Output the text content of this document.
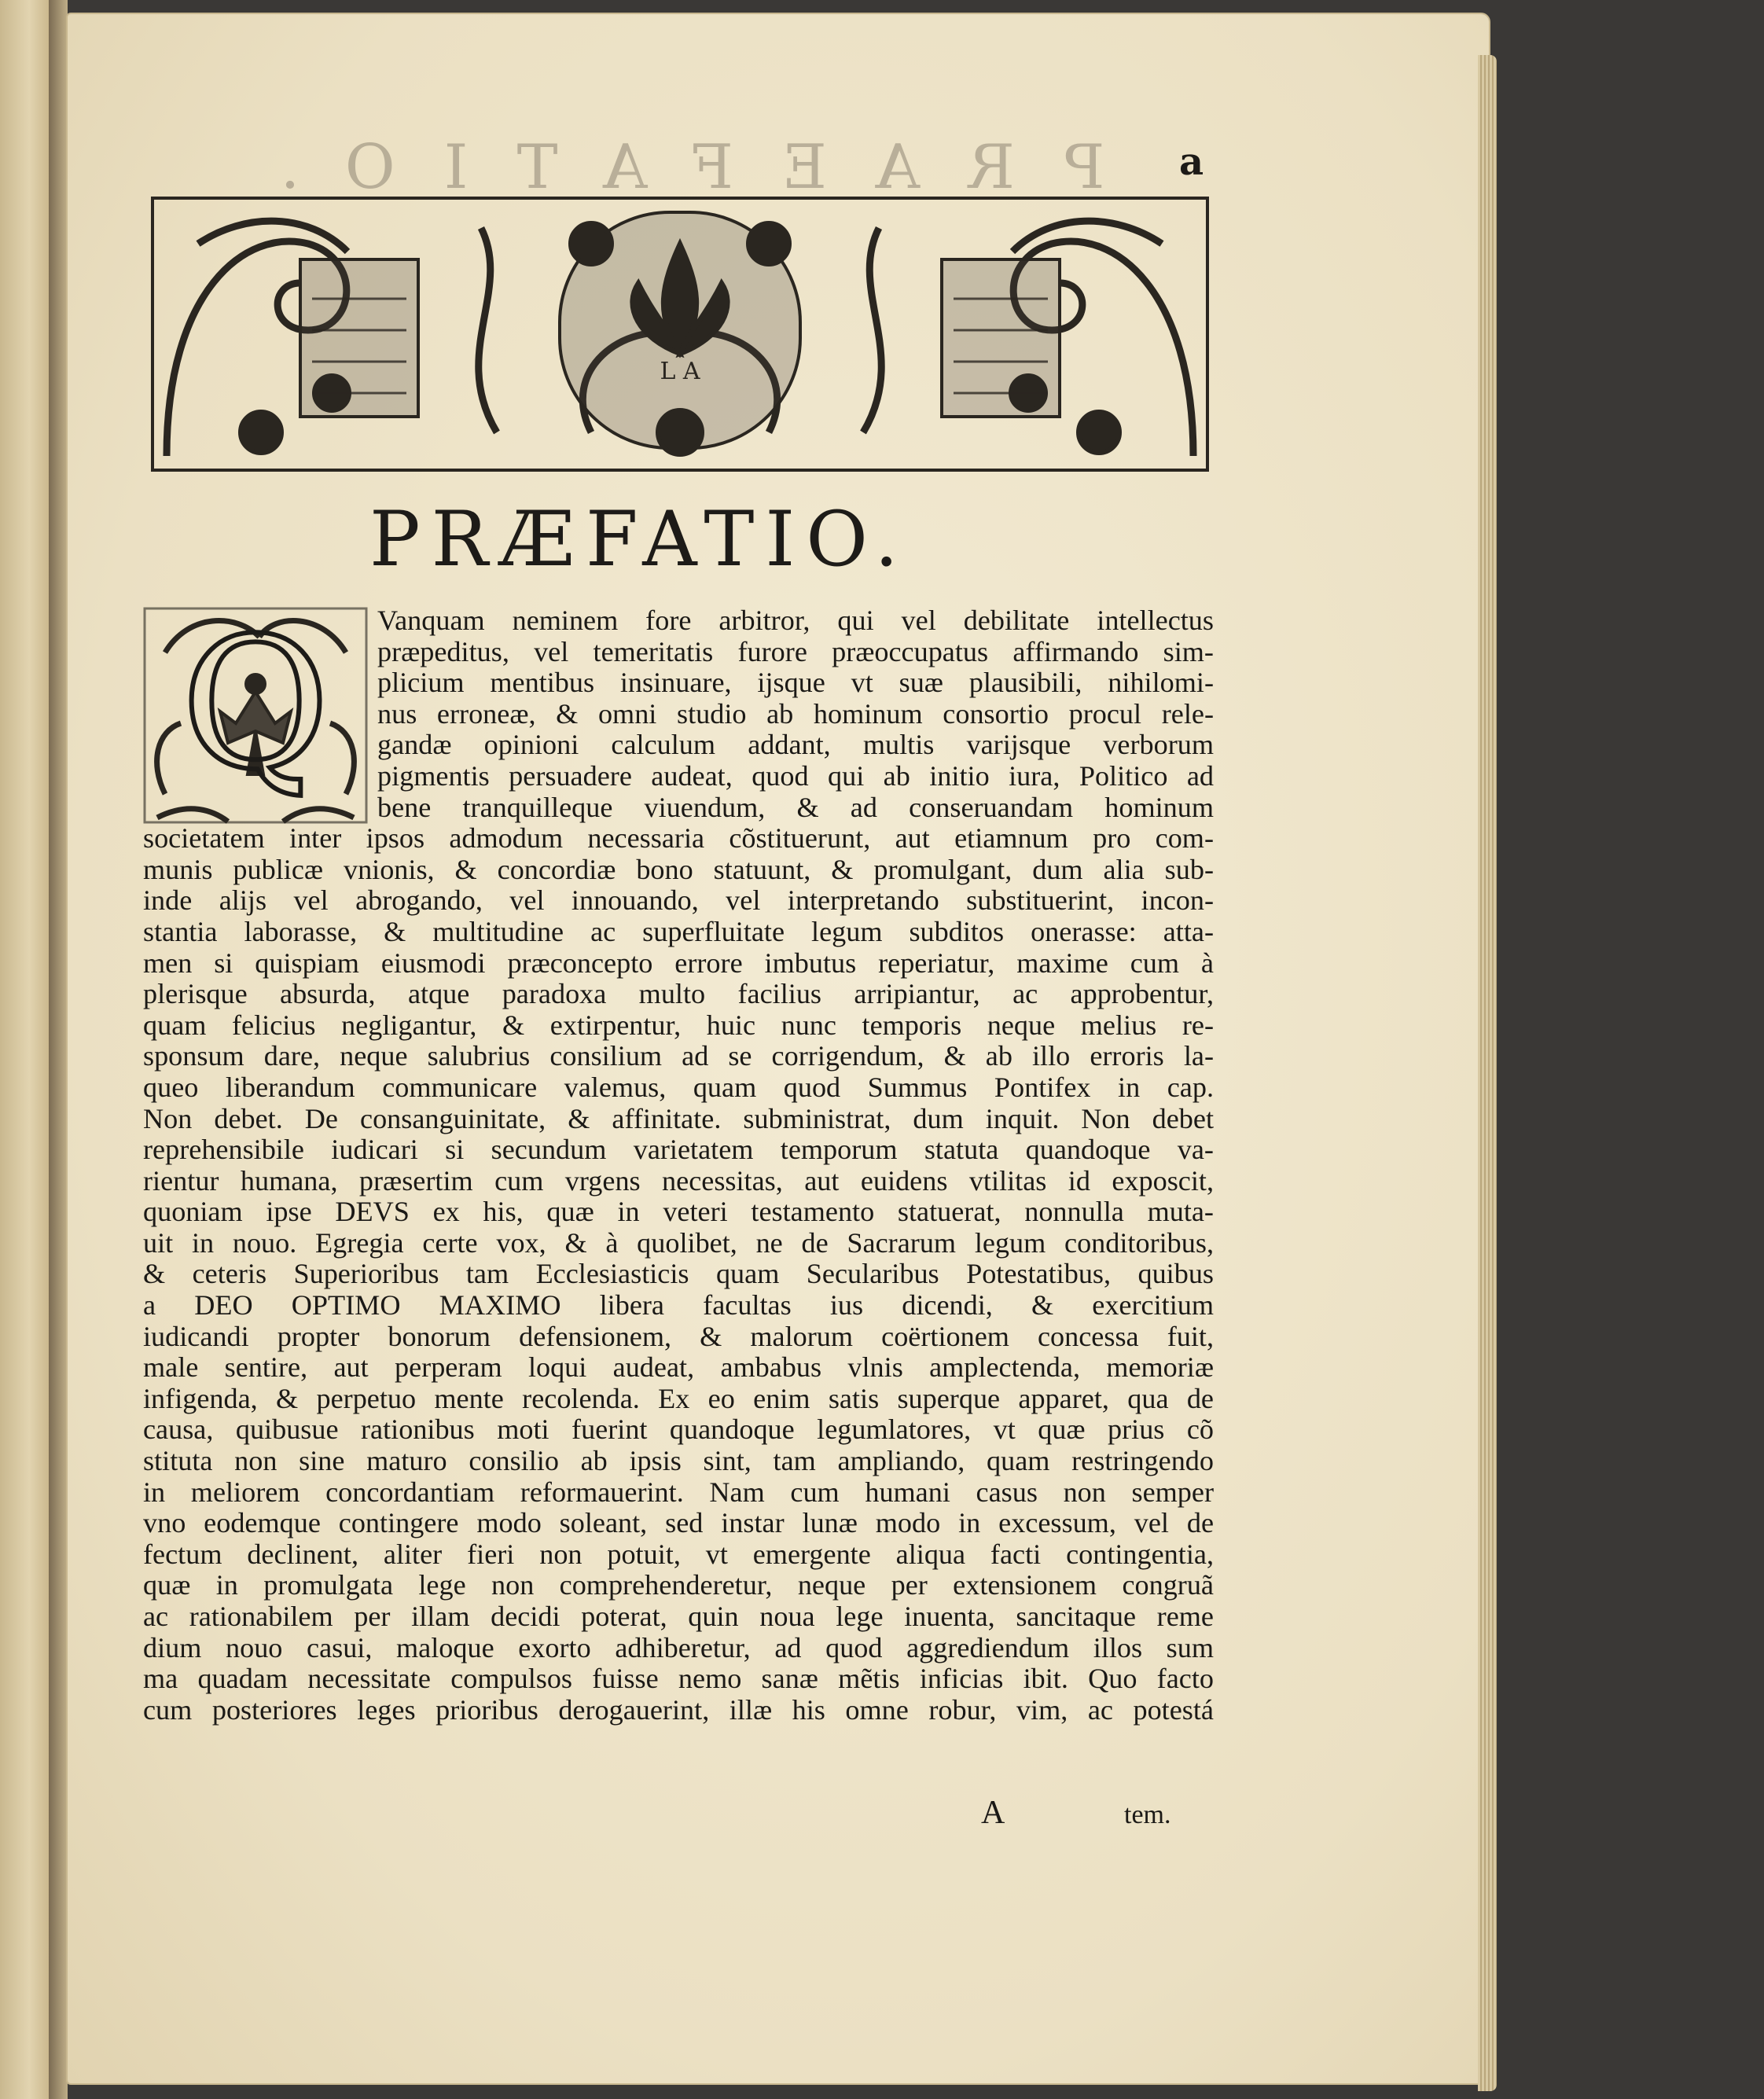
PRAEFATIO.	a
L A
PRÆFATIO.
Q	Vanquam neminem fore arbitror, qui vel debilitate intellectus
præpeditus, vel temeritatis furore præoccupatus affirmando sim-
plicium mentibus insinuare, ijsque vt suæ plausibili, nihilomi-
nus erroneæ, & omni studio ab hominum consortio procul rele-
gandæ opinioni calculum addant, multis varijsque verborum
pigmentis persuadere audeat, quod qui ab initio iura, Politico ad
bene tranquilleque viuendum, & ad conseruandam hominum
societatem inter ipsos admodum necessaria cõstituerunt, aut etiamnum pro com-
munis publicæ vnionis, & concordiæ bono statuunt, & promulgant, dum alia sub-
inde alijs vel abrogando, vel innouando, vel interpretando substituerint, incon-
stantia laborasse, & multitudine ac superfluitate legum subditos onerasse: attа-
men si quispiam eiusmodi præconcepto errore imbutus reperiatur, maxime cum à
plerisque absurda, atque paradoxa multo facilius arripiantur, ac approbentur,
quam felicius negligantur, & extirpentur, huic nunc temporis neque melius re-
sponsum dare, neque salubrius consilium ad se corrigendum, & ab illo erroris la-
queo liberandum communicare valemus, quam quod Summus Pontifex in cap.
Non debet. De consanguinitate, & affinitate. subministrat, dum inquit. Non debet
reprehensibile iudicari si secundum varietatem temporum statuta quandoque va-
rientur humana, præsertim cum vrgens necessitas, aut euidens vtilitas id exposcit,
quoniam ipse DEVS ex his, quæ in veteri testamento statuerat, nonnulla muta-
uit in nouo. Egregia certe vox, & à quolibet, ne de Sacrarum legum conditoribus,
& ceteris Superioribus tam Ecclesiasticis quam Secularibus Potestatibus, quibus
a DEO OPTIMO MAXIMO libera facultas ius dicendi, & exercitium
iudicandi propter bonorum defensionem, & malorum coërtionem concessa fuit,
male sentire, aut perperam loqui audeat, ambabus vlnis amplectenda, memoriæ
infigenda, & perpetuo mente recolenda. Ex eo enim satis superque apparet, qua de
causa, quibusue rationibus moti fuerint quandoque legumlatores, vt quæ prius cõ
stituta non sine maturo consilio ab ipsis sint, tam ampliando, quam restringendo
in meliorem concordantiam reformauerint. Nam cum humani casus non semper
vno eodemque contingere modo soleant, sed instar lunæ modo in excessum, vel de
fectum declinent, aliter fieri non potuit, vt emergente aliqua facti contingentia,
quæ in promulgata lege non comprehenderetur, neque per extensionem congruã
ac rationabilem per illam decidi poterat, quin noua lege inuenta, sancitaque reme
dium nouo casui, maloque exorto adhiberetur, ad quod aggrediendum illos sum
ma quadam necessitate compulsos fuisse nemo sanæ mẽtis inficias ibit. Quo facto
cum posteriores leges prioribus derogauerint, illæ his omne robur, vim, ac potestá
A	tem.
